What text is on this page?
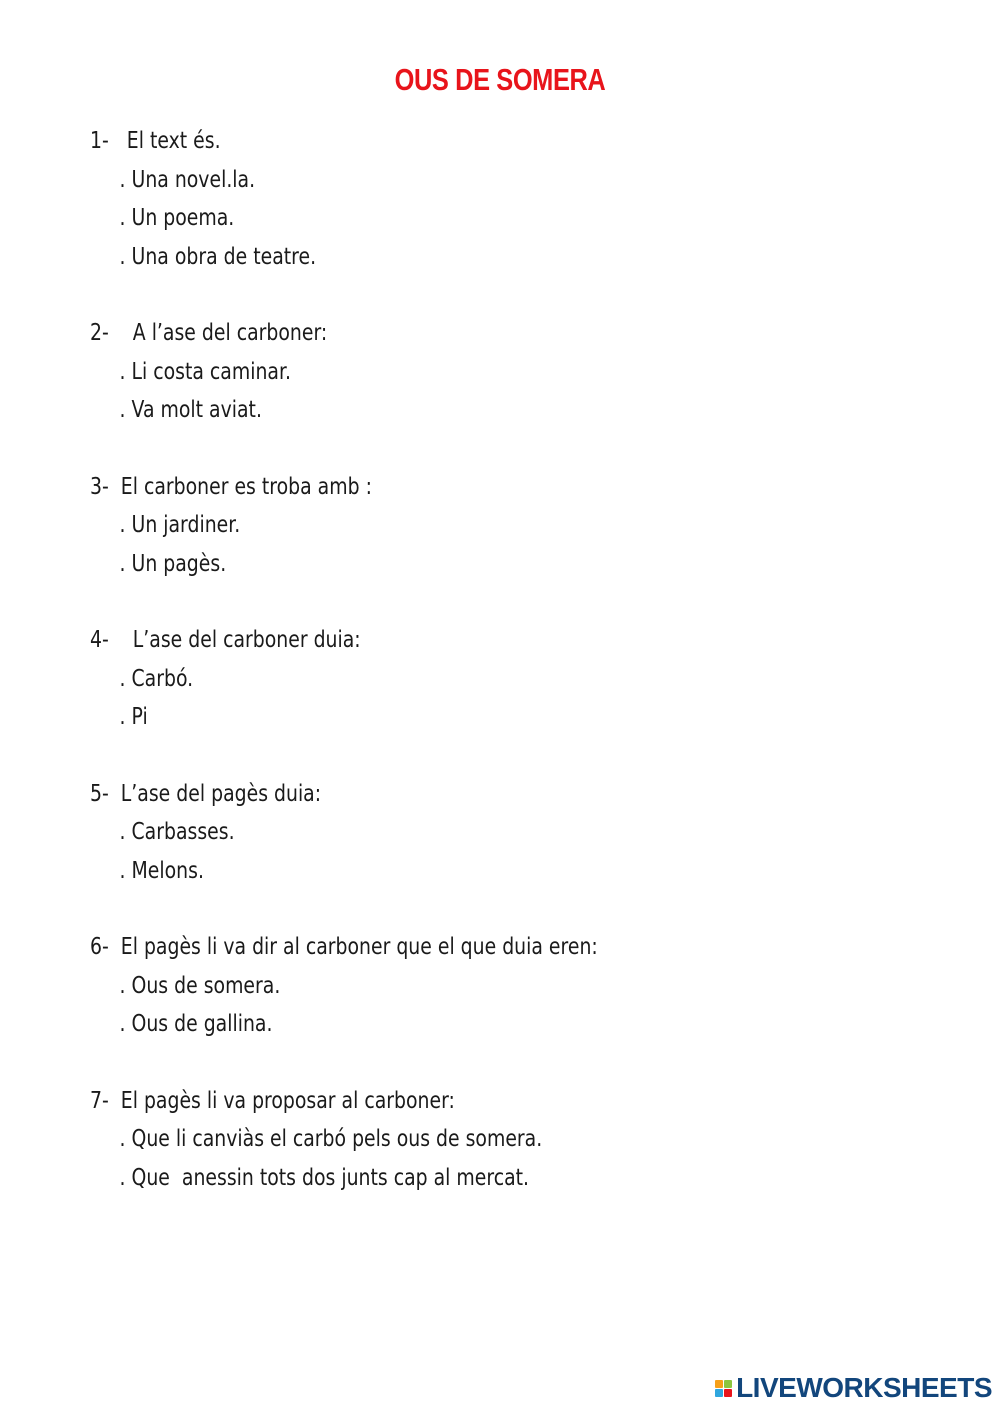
OUS DE SOMERA
1- El text és.
. Una novel.la.
. Un poema.
. Una obra de teatre.
2- A l’ase del carboner:
. Li costa caminar.
. Va molt aviat.
3- El carboner es troba amb :
. Un jardiner.
. Un pagès.
4- L’ase del carboner duia:
. Carbó.
. Pi
5- L’ase del pagès duia:
. Carbasses.
. Melons.
6- El pagès li va dir al carboner que el que duia eren:
. Ous de somera.
. Ous de gallina.
7- El pagès li va proposar al carboner:
. Que li canviàs el carbó pels ous de somera.
. Que  anessin tots dos junts cap al mercat.
LIVEWORKSHEETS
